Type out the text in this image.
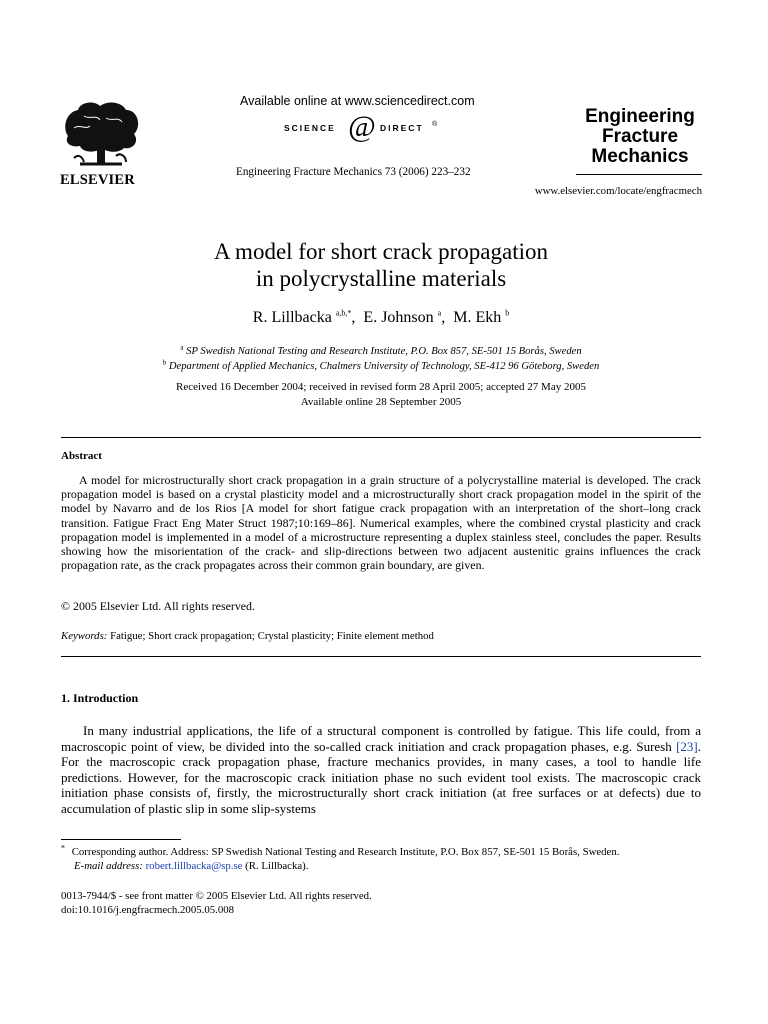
ELSEVIER
Available online at www.sciencedirect.com
SCIENCE @ DIRECT ®
Engineering Fracture Mechanics 73 (2006) 223–232
Engineering
Fracture
Mechanics
www.elsevier.com/locate/engfracmech
A model for short crack propagation
in polycrystalline materials
R. Lillbacka $^{a,b,*}$,  E. Johnson $^a$,  M. Ekh $^b$
$^a$ SP Swedish National Testing and Research Institute, P.O. Box 857, SE-501 15 Borås, Sweden
$^b$ Department of Applied Mechanics, Chalmers University of Technology, SE-412 96 Göteborg, Sweden
Received 16 December 2004; received in revised form 28 April 2005; accepted 27 May 2005
Available online 28 September 2005
Abstract
A model for microstructurally short crack propagation in a grain structure of a polycrystalline material is developed. The crack propagation model is based on a crystal plasticity model and a microstructurally short crack propagation model in the spirit of the model by Navarro and de los Rios [A model for short fatigue crack propagation with an interpretation of the short–long crack transition. Fatigue Fract Eng Mater Struct 1987;10:169–86]. Numerical examples, where the combined crystal plasticity and crack propagation model is implemented in a model of a microstructure representing a duplex stainless steel, concludes the paper. Results showing how the misorientation of the crack- and slip-directions between two adjacent austenitic grains influences the crack propagation rate, as the crack propagates across their common grain boundary, are given.
© 2005 Elsevier Ltd. All rights reserved.
Keywords: Fatigue; Short crack propagation; Crystal plasticity; Finite element method
1. Introduction
In many industrial applications, the life of a structural component is controlled by fatigue. This life could, from a macroscopic point of view, be divided into the so-called crack initiation and crack propagation phases, e.g. Suresh [23]. For the macroscopic crack propagation phase, fracture mechanics provides, in many cases, a tool to handle life predictions. However, for the macroscopic crack initiation phase no such evident tool exists. The macroscopic crack initiation phase consists of, firstly, the microstructurally short crack initiation (at free surfaces or at defects) due to accumulation of plastic slip in some slip-systems
* Corresponding author. Address: SP Swedish National Testing and Research Institute, P.O. Box 857, SE-501 15 Borås, Sweden.
E-mail address: robert.lillbacka@sp.se (R. Lillbacka).
0013-7944/$ - see front matter © 2005 Elsevier Ltd. All rights reserved.
doi:10.1016/j.engfracmech.2005.05.008
